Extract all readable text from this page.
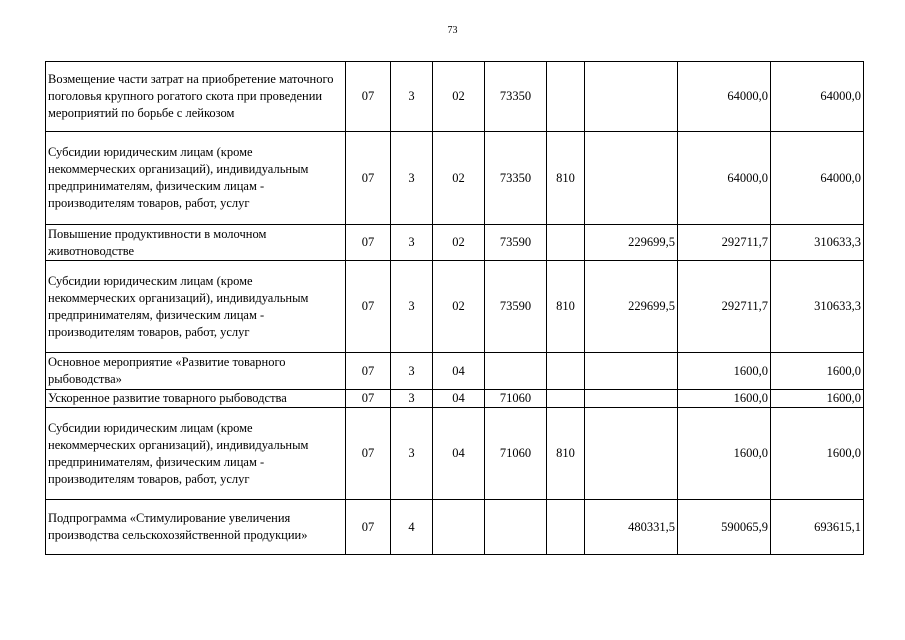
73
Возмещение части затрат на приобретение маточного поголовья крупного рогатого скота при проведении мероприятий по борьбе с лейкозом	07	3	02	73350			64000,0	64000,0
Субсидии юридическим лицам (кроме некоммерческих организаций), индивидуальным предпринимателям, физическим лицам - производителям товаров, работ, услуг	07	3	02	73350	810		64000,0	64000,0
Повышение продуктивности в молочном животноводстве	07	3	02	73590		229699,5	292711,7	310633,3
Субсидии юридическим лицам (кроме некоммерческих организаций), индивидуальным предпринимателям, физическим лицам - производителям товаров, работ, услуг	07	3	02	73590	810	229699,5	292711,7	310633,3
Основное мероприятие «Развитие товарного рыбоводства»	07	3	04				1600,0	1600,0
Ускоренное развитие товарного рыбоводства	07	3	04	71060			1600,0	1600,0
Субсидии юридическим лицам (кроме некоммерческих организаций), индивидуальным предпринимателям, физическим лицам - производителям товаров, работ, услуг	07	3	04	71060	810		1600,0	1600,0
Подпрограмма «Стимулирование увеличения производства сельскохозяйственной продукции»	07	4				480331,5	590065,9	693615,1
